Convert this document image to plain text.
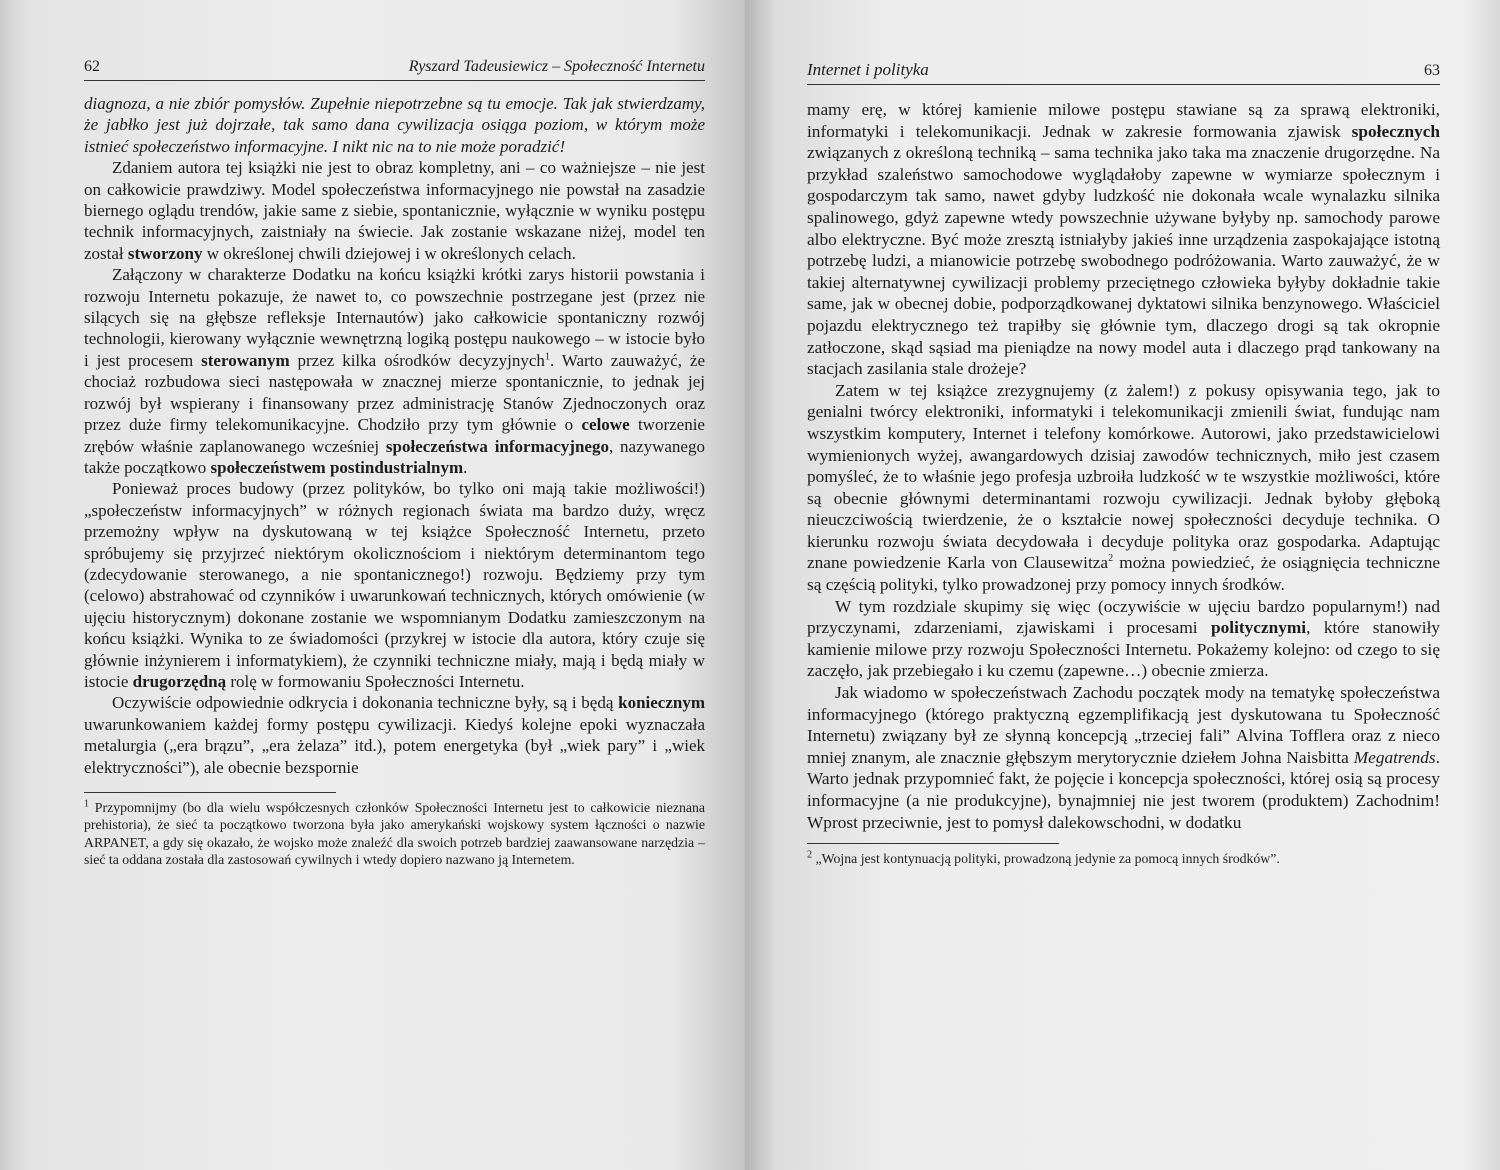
62	Ryszard Tadeusiewicz – Społeczność Internetu

diagnoza, a nie zbiór pomysłów. Zupełnie niepotrzebne są tu emocje. Tak jak stwierdzamy, że jabłko jest już dojrzałe, tak samo dana cywilizacja osiąga poziom, w którym może istnieć społeczeństwo informacyjne. I nikt nic na to nie może poradzić!

Zdaniem autora tej książki nie jest to obraz kompletny, ani – co ważniejsze – nie jest on całkowicie prawdziwy. Model społeczeństwa informacyjnego nie powstał na zasadzie biernego oglądu trendów, jakie same z siebie, spontanicznie, wyłącznie w wyniku postępu technik informacyjnych, zaistniały na świecie. Jak zostanie wskazane niżej, model ten został stworzony w określonej chwili dziejowej i w określonych celach.

Załączony w charakterze Dodatku na końcu książki krótki zarys historii powstania i rozwoju Internetu pokazuje, że nawet to, co powszechnie postrzegane jest (przez nie silących się na głębsze refleksje Internautów) jako całkowicie spontaniczny rozwój technologii, kierowany wyłącznie wewnętrzną logiką postępu naukowego – w istocie było i jest procesem sterowanym przez kilka ośrodków decyzyjnych$^1$. Warto zauważyć, że chociaż rozbudowa sieci następowała w znacznej mierze spontanicznie, to jednak jej rozwój był wspierany i finansowany przez administrację Stanów Zjednoczonych oraz przez duże firmy telekomunikacyjne. Chodziło przy tym głównie o celowe tworzenie zrębów właśnie zaplanowanego wcześniej społeczeństwa informacyjnego, nazywanego także początkowo społeczeństwem postindustrialnym.

Ponieważ proces budowy (przez polityków, bo tylko oni mają takie możliwości!) „społeczeństw informacyjnych” w różnych regionach świata ma bardzo duży, wręcz przemożny wpływ na dyskutowaną w tej książce Społeczność Internetu, przeto spróbujemy się przyjrzeć niektórym okolicznościom i niektórym determinantom tego (zdecydowanie sterowanego, a nie spontanicznego!) rozwoju. Będziemy przy tym (celowo) abstrahować od czynników i uwarunkowań technicznych, których omówienie (w ujęciu historycznym) dokonane zostanie we wspomnianym Dodatku zamieszczonym na końcu książki. Wynika to ze świadomości (przykrej w istocie dla autora, który czuje się głównie inżynierem i informatykiem), że czynniki techniczne miały, mają i będą miały w istocie drugorzędną rolę w formowaniu Społeczności Internetu.

Oczywiście odpowiednie odkrycia i dokonania techniczne były, są i będą koniecznym uwarunkowaniem każdej formy postępu cywilizacji. Kiedyś kolejne epoki wyznaczała metalurgia („era brązu”, „era żelaza” itd.), potem energetyka (był „wiek pary” i „wiek elektryczności”), ale obecnie bezspornie

$^1$ Przypomnijmy (bo dla wielu współczesnych członków Społeczności Internetu jest to całkowicie nieznana prehistoria), że sieć ta początkowo tworzona była jako amerykański wojskowy system łączności o nazwie ARPANET, a gdy się okazało, że wojsko może znaleźć dla swoich potrzeb bardziej zaawansowane narzędzia – sieć ta oddana została dla zastosowań cywilnych i wtedy dopiero nazwano ją Internetem.
Internet i polityka	63

mamy erę, w której kamienie milowe postępu stawiane są za sprawą elektroniki, informatyki i telekomunikacji. Jednak w zakresie formowania zjawisk społecznych związanych z określoną techniką – sama technika jako taka ma znaczenie drugorzędne. Na przykład szaleństwo samochodowe wyglądałoby zapewne w wymiarze społecznym i gospodarczym tak samo, nawet gdyby ludzkość nie dokonała wcale wynalazku silnika spalinowego, gdyż zapewne wtedy powszechnie używane byłyby np. samochody parowe albo elektryczne. Być może zresztą istniałyby jakieś inne urządzenia zaspokajające istotną potrzebę ludzi, a mianowicie potrzebę swobodnego podróżowania. Warto zauważyć, że w takiej alternatywnej cywilizacji problemy przeciętnego człowieka byłyby dokładnie takie same, jak w obecnej dobie, podporządkowanej dyktatowi silnika benzynowego. Właściciel pojazdu elektrycznego też trapiłby się głównie tym, dlaczego drogi są tak okropnie zatłoczone, skąd sąsiad ma pieniądze na nowy model auta i dlaczego prąd tankowany na stacjach zasilania stale drożeje?

Zatem w tej książce zrezygnujemy (z żalem!) z pokusy opisywania tego, jak to genialni twórcy elektroniki, informatyki i telekomunikacji zmienili świat, fundując nam wszystkim komputery, Internet i telefony komórkowe. Autorowi, jako przedstawicielowi wymienionych wyżej, awangardowych dzisiaj zawodów technicznych, miło jest czasem pomyśleć, że to właśnie jego profesja uzbroiła ludzkość w te wszystkie możliwości, które są obecnie głównymi determinantami rozwoju cywilizacji. Jednak byłoby głęboką nieuczciwością twierdzenie, że o kształcie nowej społeczności decyduje technika. O kierunku rozwoju świata decydowała i decyduje polityka oraz gospodarka. Adaptując znane powiedzenie Karla von Clausewitza$^2$ można powiedzieć, że osiągnięcia techniczne są częścią polityki, tylko prowadzonej przy pomocy innych środków.

W tym rozdziale skupimy się więc (oczywiście w ujęciu bardzo popularnym!) nad przyczynami, zdarzeniami, zjawiskami i procesami politycznymi, które stanowiły kamienie milowe przy rozwoju Społeczności Internetu. Pokażemy kolejno: od czego to się zaczęło, jak przebiegało i ku czemu (zapewne…) obecnie zmierza.

Jak wiadomo w społeczeństwach Zachodu początek mody na tematykę społeczeństwa informacyjnego (którego praktyczną egzemplifikacją jest dyskutowana tu Społeczność Internetu) związany był ze słynną koncepcją „trzeciej fali” Alvina Tofflera oraz z nieco mniej znanym, ale znacznie głębszym merytorycznie dziełem Johna Naisbitta Megatrends. Warto jednak przypomnieć fakt, że pojęcie i koncepcja społeczności, której osią są procesy informacyjne (a nie produkcyjne), bynajmniej nie jest tworem (produktem) Zachodnim! Wprost przeciwnie, jest to pomysł dalekowschodni, w dodatku

$^2$ „Wojna jest kontynuacją polityki, prowadzoną jedynie za pomocą innych środków”.
